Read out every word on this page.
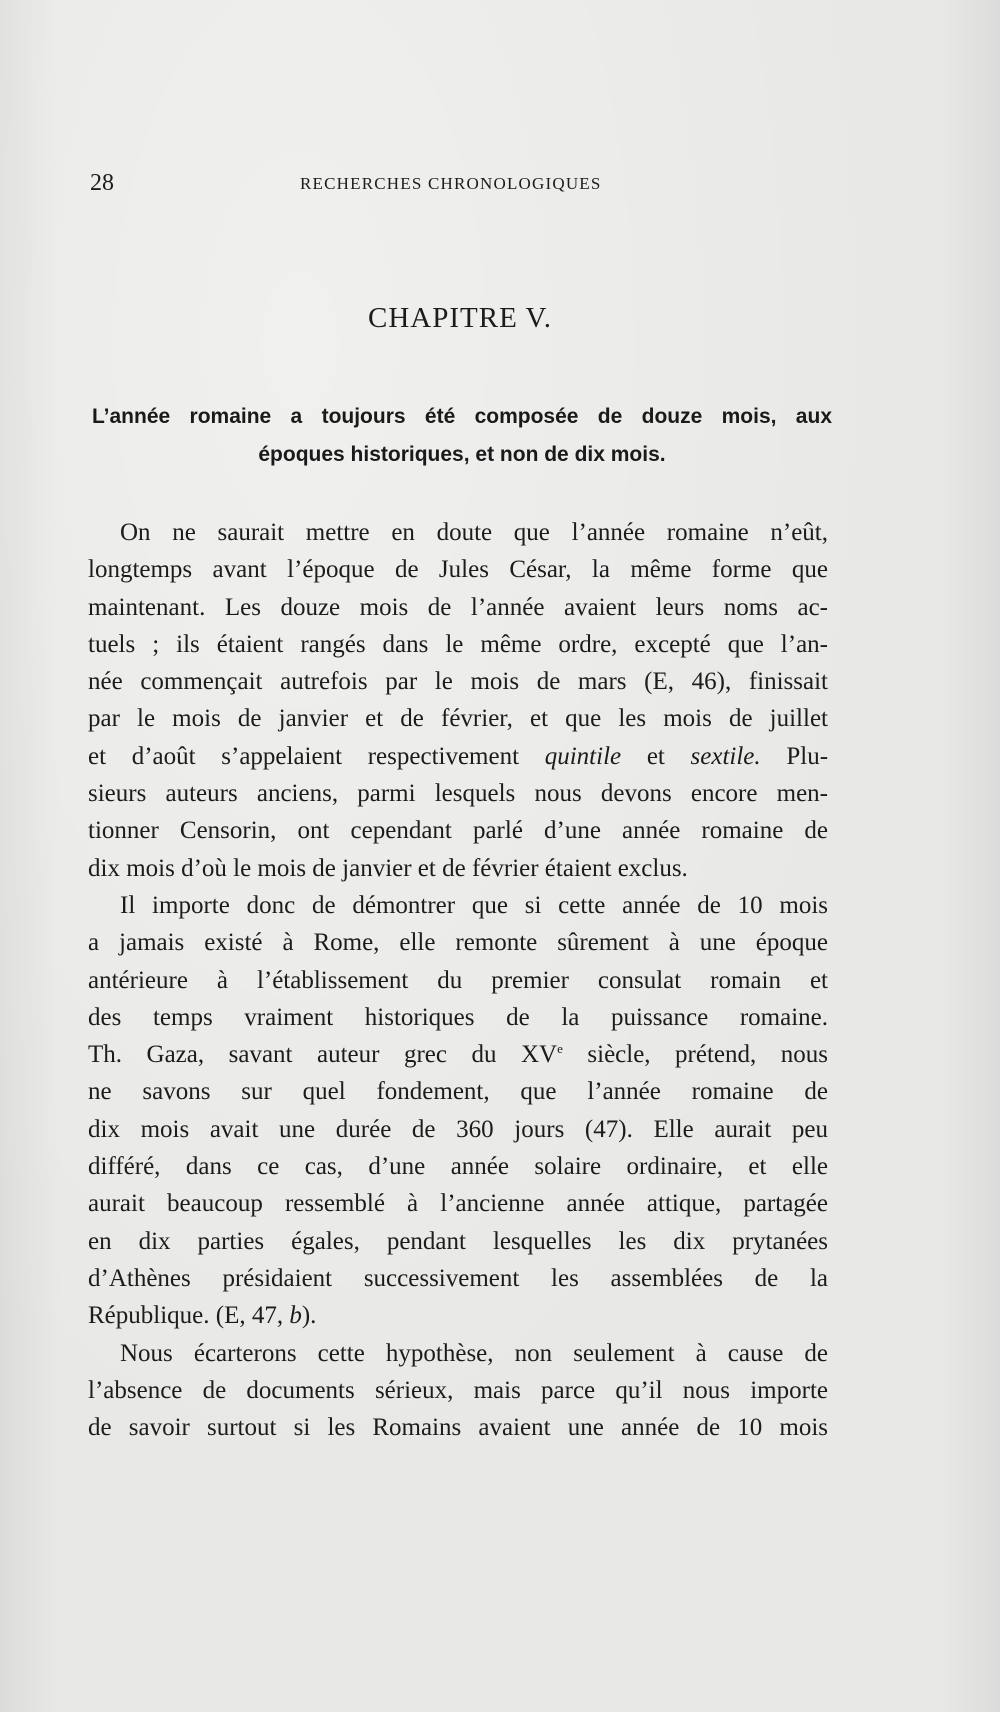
28	RECHERCHES CHRONOLOGIQUES
CHAPITRE V.
L’année romaine a toujours été composée de douze mois, aux
époques historiques, et non de dix mois.
On ne saurait mettre en doute que l’année romaine n’eût,
longtemps avant l’époque de Jules César, la même forme que
maintenant. Les douze mois de l’année avaient leurs noms ac-
tuels ; ils étaient rangés dans le même ordre, excepté que l’an-
née commençait autrefois par le mois de mars (E, 46), finissait
par le mois de janvier et de février, et que les mois de juillet
et d’août s’appelaient respectivement quintile et sextile. Plu-
sieurs auteurs anciens, parmi lesquels nous devons encore men-
tionner Censorin, ont cependant parlé d’une année romaine de
dix mois d’où le mois de janvier et de février étaient exclus.
Il importe donc de démontrer que si cette année de 10 mois
a jamais existé à Rome, elle remonte sûrement à une époque
antérieure à l’établissement du premier consulat romain et
des temps vraiment historiques de la puissance romaine.
Th. Gaza, savant auteur grec du XVe siècle, prétend, nous
ne savons sur quel fondement, que l’année romaine de
dix mois avait une durée de 360 jours (47). Elle aurait peu
différé, dans ce cas, d’une année solaire ordinaire, et elle
aurait beaucoup ressemblé à l’ancienne année attique, partagée
en dix parties égales, pendant lesquelles les dix prytanées
d’Athènes présidaient successivement les assemblées de la
République. (E, 47, b).
Nous écarterons cette hypothèse, non seulement à cause de
l’absence de documents sérieux, mais parce qu’il nous importe
de savoir surtout si les Romains avaient une année de 10 mois
